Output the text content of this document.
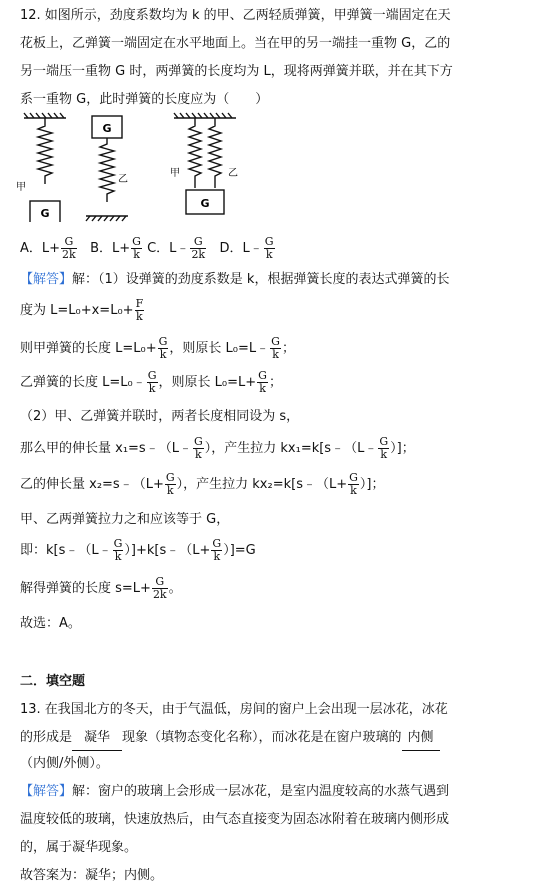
12. 如图所示，劲度系数均为 k 的甲、乙两轻质弹簧，甲弹簧一端固定在天
花板上，乙弹簧一端固定在水平地面上。当在甲的另一端挂一重物 G，乙的
另一端压一重物 G 时，两弹簧的长度均为 L，现将两弹簧并联，并在其下方
系一重物 G，此时弹簧的长度应为（　　）
G
甲
G
乙
甲	乙
G
A．$L+ \frac{G}{2k}$ B．$L+ \frac{G}{k}$ C．L﹣ $\frac{G}{2k}$ D．L﹣ $\frac{G}{k}$
【解答】解：（1）设弹簧的劲度系数是 k，根据弹簧长度的表达式弹簧的长
度为 $L=L_0+x=L_0+ \frac{F}{k}$
则甲弹簧的长度 $L=L_0+ \frac{G}{k}$ ，则原长 L₀=L﹣ $\frac{G}{k}$ ；
乙弹簧的长度 L=L₀﹣ $\frac{G}{k}$ ，则原长 $L_0=L+ \frac{G}{k}$ ；
（2）甲、乙弹簧并联时，两者长度相同设为 s，
那么甲的伸长量 x₁=s﹣（L﹣ $\frac{G}{k}$ ），产生拉力 kx₁=k[s﹣（L﹣ $\frac{G}{k}$ ）]；
乙的伸长量 x₂=s﹣（L+ $\frac{G}{k}$ ），产生拉力 kx₂=k[s﹣（L+ $\frac{G}{k}$ ）]；
甲、乙两弹簧拉力之和应该等于 G，
即：k[s﹣（L﹣ $\frac{G}{k}$ ）]+k[s﹣（L+ $\frac{G}{k} )]=G$
解得弹簧的长度 $s=L+ \frac{G}{2k}$ 。
故选：A。
二．填空题
13. 在我国北方的冬天，由于气温低，房间的窗户上会出现一层冰花，冰花
的形成是 凝华 现象（填物态变化名称），而冰花是在窗户玻璃的 内侧
（内侧/外侧）。
【解答】解：窗户的玻璃上会形成一层冰花，是室内温度较高的水蒸气遇到
温度较低的玻璃，快速放热后，由气态直接变为固态冰附着在玻璃内侧形成
的，属于凝华现象。
故答案为：凝华；内侧。
